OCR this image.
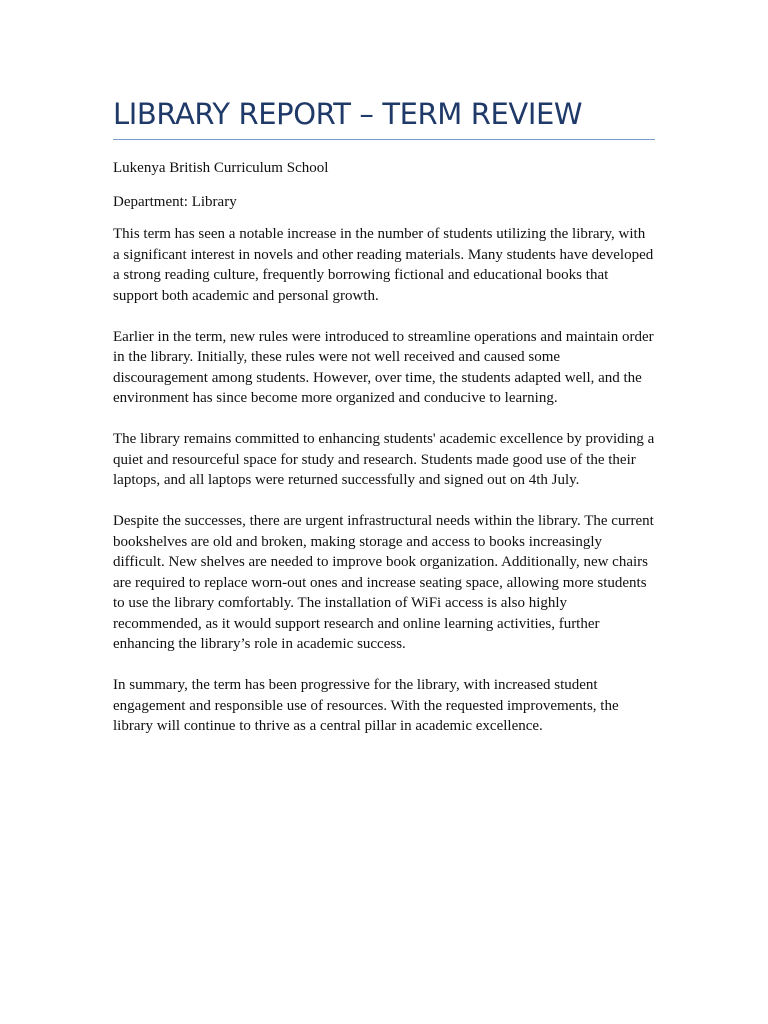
LIBRARY REPORT – TERM REVIEW

Lukenya British Curriculum School

Department: Library

This term has seen a notable increase in the number of students utilizing the library, with a significant interest in novels and other reading materials. Many students have developed a strong reading culture, frequently borrowing fictional and educational books that support both academic and personal growth.

Earlier in the term, new rules were introduced to streamline operations and maintain order in the library. Initially, these rules were not well received and caused some discouragement among students. However, over time, the students adapted well, and the environment has since become more organized and conducive to learning.

The library remains committed to enhancing students' academic excellence by providing a quiet and resourceful space for study and research. Students made good use of the their laptops, and all laptops were returned successfully and signed out on 4th July.

Despite the successes, there are urgent infrastructural needs within the library. The current bookshelves are old and broken, making storage and access to books increasingly difficult. New shelves are needed to improve book organization. Additionally, new chairs are required to replace worn-out ones and increase seating space, allowing more students to use the library comfortably. The installation of WiFi access is also highly recommended, as it would support research and online learning activities, further enhancing the library’s role in academic success.

In summary, the term has been progressive for the library, with increased student engagement and responsible use of resources. With the requested improvements, the library will continue to thrive as a central pillar in academic excellence.
